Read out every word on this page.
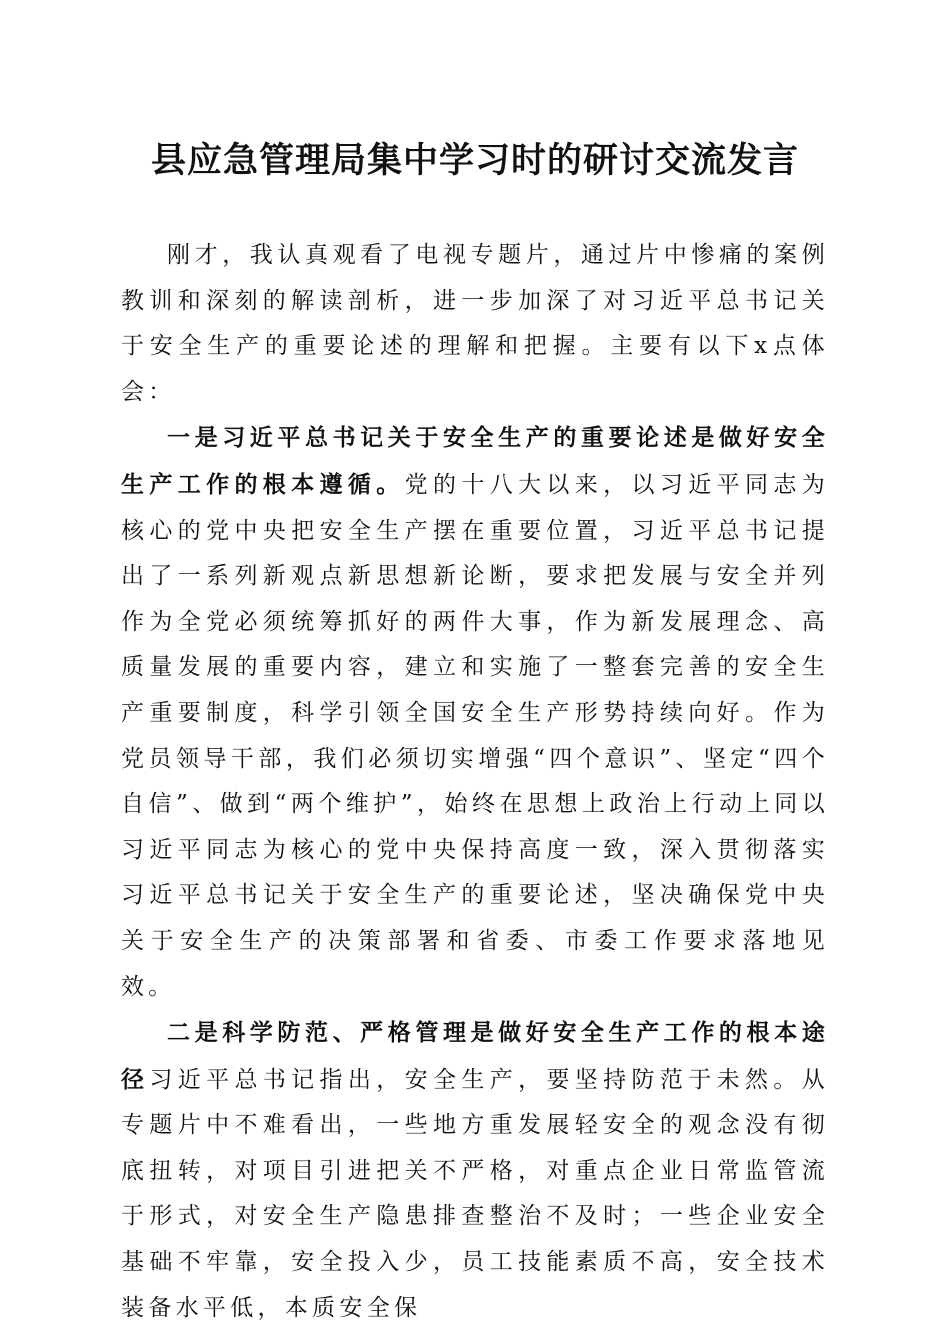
县应急管理局集中学习时的研讨交流发言

刚才，我认真观看了电视专题片，通过片中惨痛的案例教训和深刻的解读剖析，进一步加深了对习近平总书记关于安全生产的重要论述的理解和把握。主要有以下x点体会：

一是习近平总书记关于安全生产的重要论述是做好安全生产工作的根本遵循。党的十八大以来，以习近平同志为核心的党中央把安全生产摆在重要位置，习近平总书记提出了一系列新观点新思想新论断，要求把发展与安全并列作为全党必须统筹抓好的两件大事，作为新发展理念、高质量发展的重要内容，建立和实施了一整套完善的安全生产重要制度，科学引领全国安全生产形势持续向好。作为党员领导干部，我们必须切实增强“四个意识”、坚定“四个自信”、做到“两个维护”，始终在思想上政治上行动上同以习近平同志为核心的党中央保持高度一致，深入贯彻落实习近平总书记关于安全生产的重要论述，坚决确保党中央关于安全生产的决策部署和省委、市委工作要求落地见效。

二是科学防范、严格管理是做好安全生产工作的根本途径习近平总书记指出，安全生产，要坚持防范于未然。从专题片中不难看出，一些地方重发展轻安全的观念没有彻底扭转，对项目引进把关不严格，对重点企业日常监管流于形式，对安全生产隐患排查整治不及时；一些企业安全基础不牢靠，安全投入少，员工技能素质不高，安全技术装备水平低，本质安全保
